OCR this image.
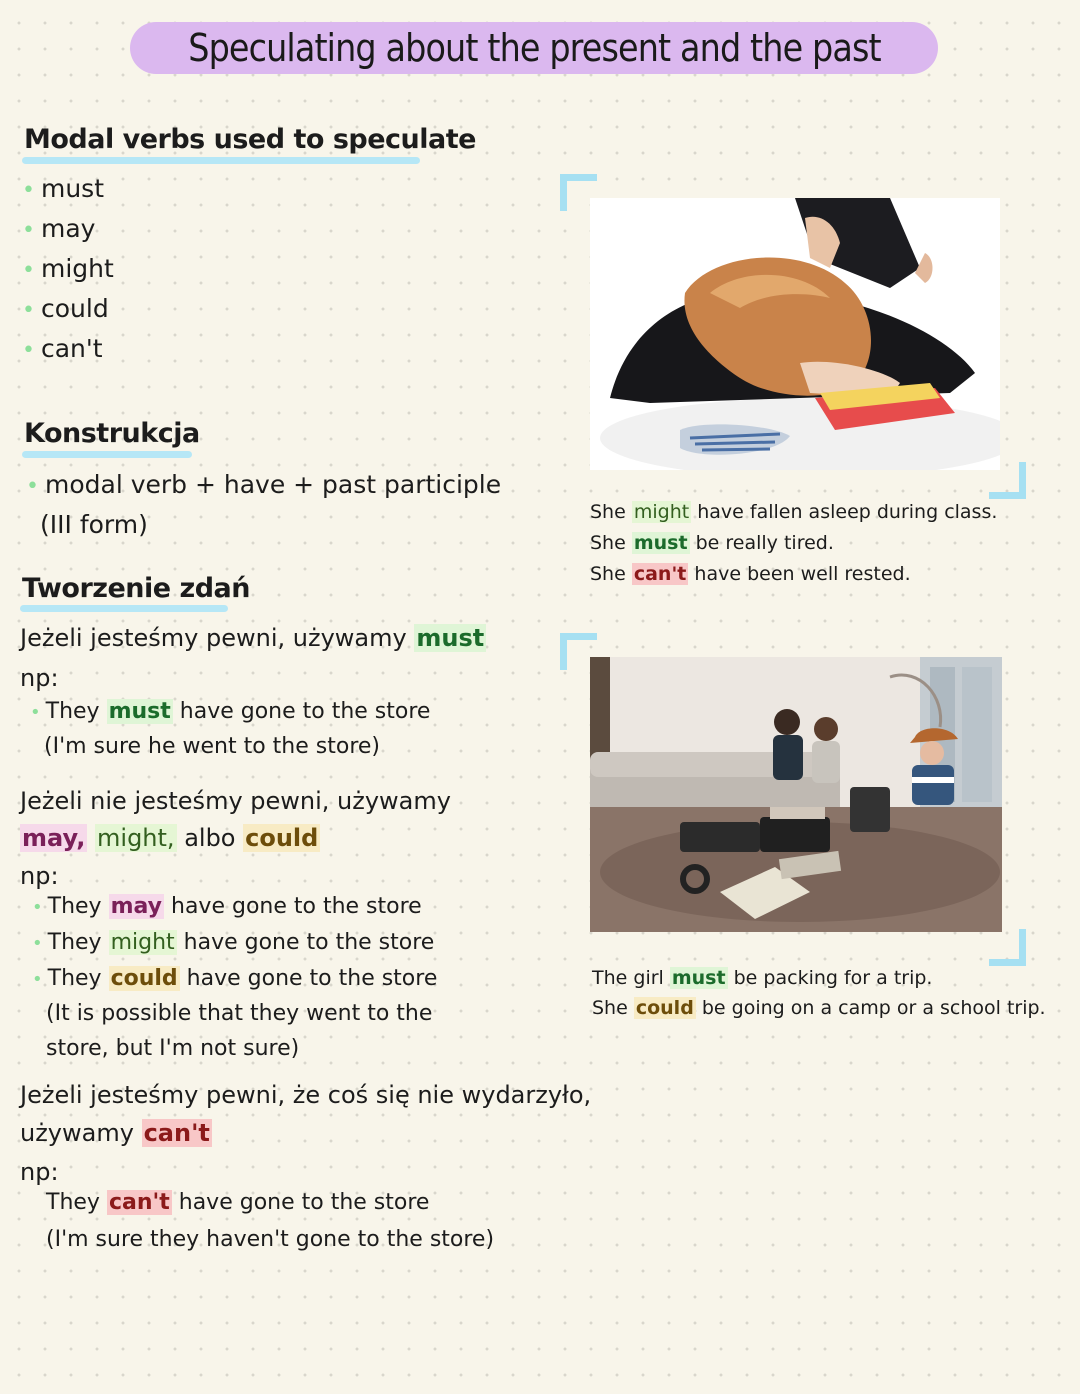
Speculating about the present and the past
Modal verbs used to speculate
• must
• may
• might
• could
• can't
Konstrukcja
• modal verb + have + past participle
(III form)
Tworzenie zdań
Jeżeli jesteśmy pewni, używamy must
np:
• They must have gone to the store
(I'm sure he went to the store)
Jeżeli nie jesteśmy pewni, używamy
may, might, albo could
np:
• They may have gone to the store
• They might have gone to the store
• They could have gone to the store
(It is possible that they went to the
store, but I'm not sure)
Jeżeli jesteśmy pewni, że coś się nie wydarzyło,
używamy can't
np:
They can't have gone to the store
(I'm sure they haven't gone to the store)
She might have fallen asleep during class.
She must be really tired.
She can't have been well rested.
The girl must be packing for a trip.
She could be going on a camp or a school trip.
